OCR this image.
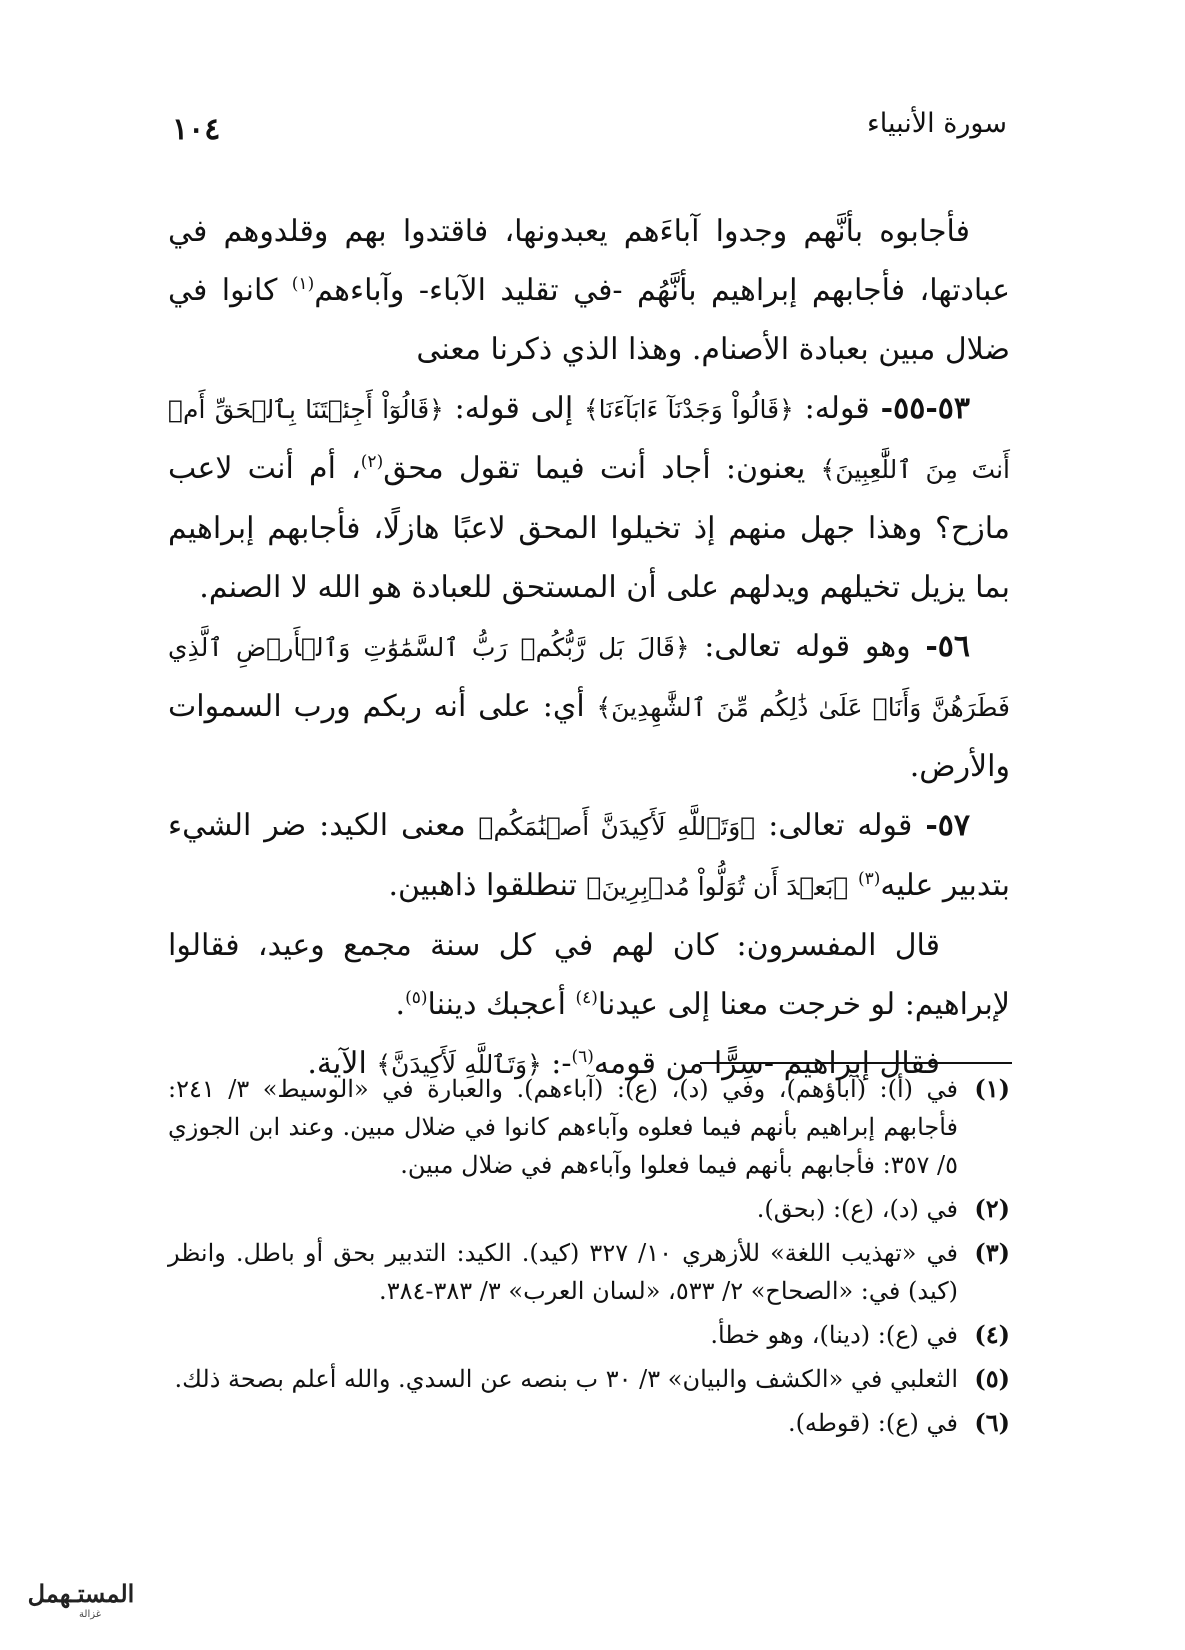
سورة الأنبياء
١٠٤

فأجابوه بأنَّهم وجدوا آباءَهم يعبدونها، فاقتدوا بهم وقلدوهم في عبادتها، فأجابهم إبراهيم بأنَّهُم -في تقليد الآباء- وآباءهم$^{(١)}$ كانوا في ضلال مبين بعبادة الأصنام. وهذا الذي ذكرنا معنى

٥٣-٥٥- قوله: ﴿قَالُواْ وَجَدْنَآ ءَابَآءَنَا﴾ إلى قوله: ﴿قَالُوٓاْ أَجِئۡتَنَا بِٱلۡحَقِّ أَمۡ أَنتَ مِنَ ٱللَّٰعِبِينَ﴾ يعنون: أجاد أنت فيما تقول محق$^{(٢)}$، أم أنت لاعب مازح؟ وهذا جهل منهم إذ تخيلوا المحق لاعبًا هازلًا، فأجابهم إبراهيم بما يزيل تخيلهم ويدلهم على أن المستحق للعبادة هو الله لا الصنم.

٥٦- وهو قوله تعالى: ﴿قَالَ بَل رَّبُّكُمۡ رَبُّ ٱلسَّمَٰوَٰتِ وَٱلۡأَرۡضِ ٱلَّذِي فَطَرَهُنَّ وَأَنَا۠ عَلَىٰ ذَٰلِكُم مِّنَ ٱلشَّٰهِدِينَ﴾ أي: على أنه ربكم ورب السموات والأرض.

٥٧- قوله تعالى: ﴿وَتَٱللَّهِ لَأَكِيدَنَّ أَصۡنَٰمَكُم﴾ معنى الكيد: ضر الشيء بتدبير عليه$^{(٣)}$ ﴿بَعۡدَ أَن تُوَلُّواْ مُدۡبِرِينَ﴾ تنطلقوا ذاهبين.

قال المفسرون: كان لهم في كل سنة مجمع وعيد، فقالوا لإبراهيم: لو خرجت معنا إلى عيدنا$^{(٤)}$ أعجبك ديننا$^{(٥)}$.

فقال إبراهيم -سِرًّا من قومه$^{(٦)}$-: ﴿وَتَٱللَّهِ لَأَكِيدَنَّ﴾ الآية.

(١)
في (أ): (آباؤهم)، وفي (د)، (ع): (آباءهم). والعبارة في «الوسيط» ٣/ ٢٤١: فأجابهم إبراهيم بأنهم فيما فعلوه وآباءهم كانوا في ضلال مبين. وعند ابن الجوزي ٥/ ٣٥٧: فأجابهم بأنهم فيما فعلوا وآباءهم في ضلال مبين.
(٢)
في (د)، (ع): (بحق).
(٣)
في «تهذيب اللغة» للأزهري ١٠/ ٣٢٧ (كيد). الكيد: التدبير بحق أو باطل. وانظر (كيد) في: «الصحاح» ٢/ ٥٣٣، «لسان العرب» ٣/ ٣٨٣-٣٨٤.
(٤)
في (ع): (دينا)، وهو خطأ.
(٥)
الثعلبي في «الكشف والبيان» ٣/ ٣٠ ب بنصه عن السدي. والله أعلم بصحة ذلك.
(٦)
في (ع): (قوطه).
المستـهمل
غزالة
